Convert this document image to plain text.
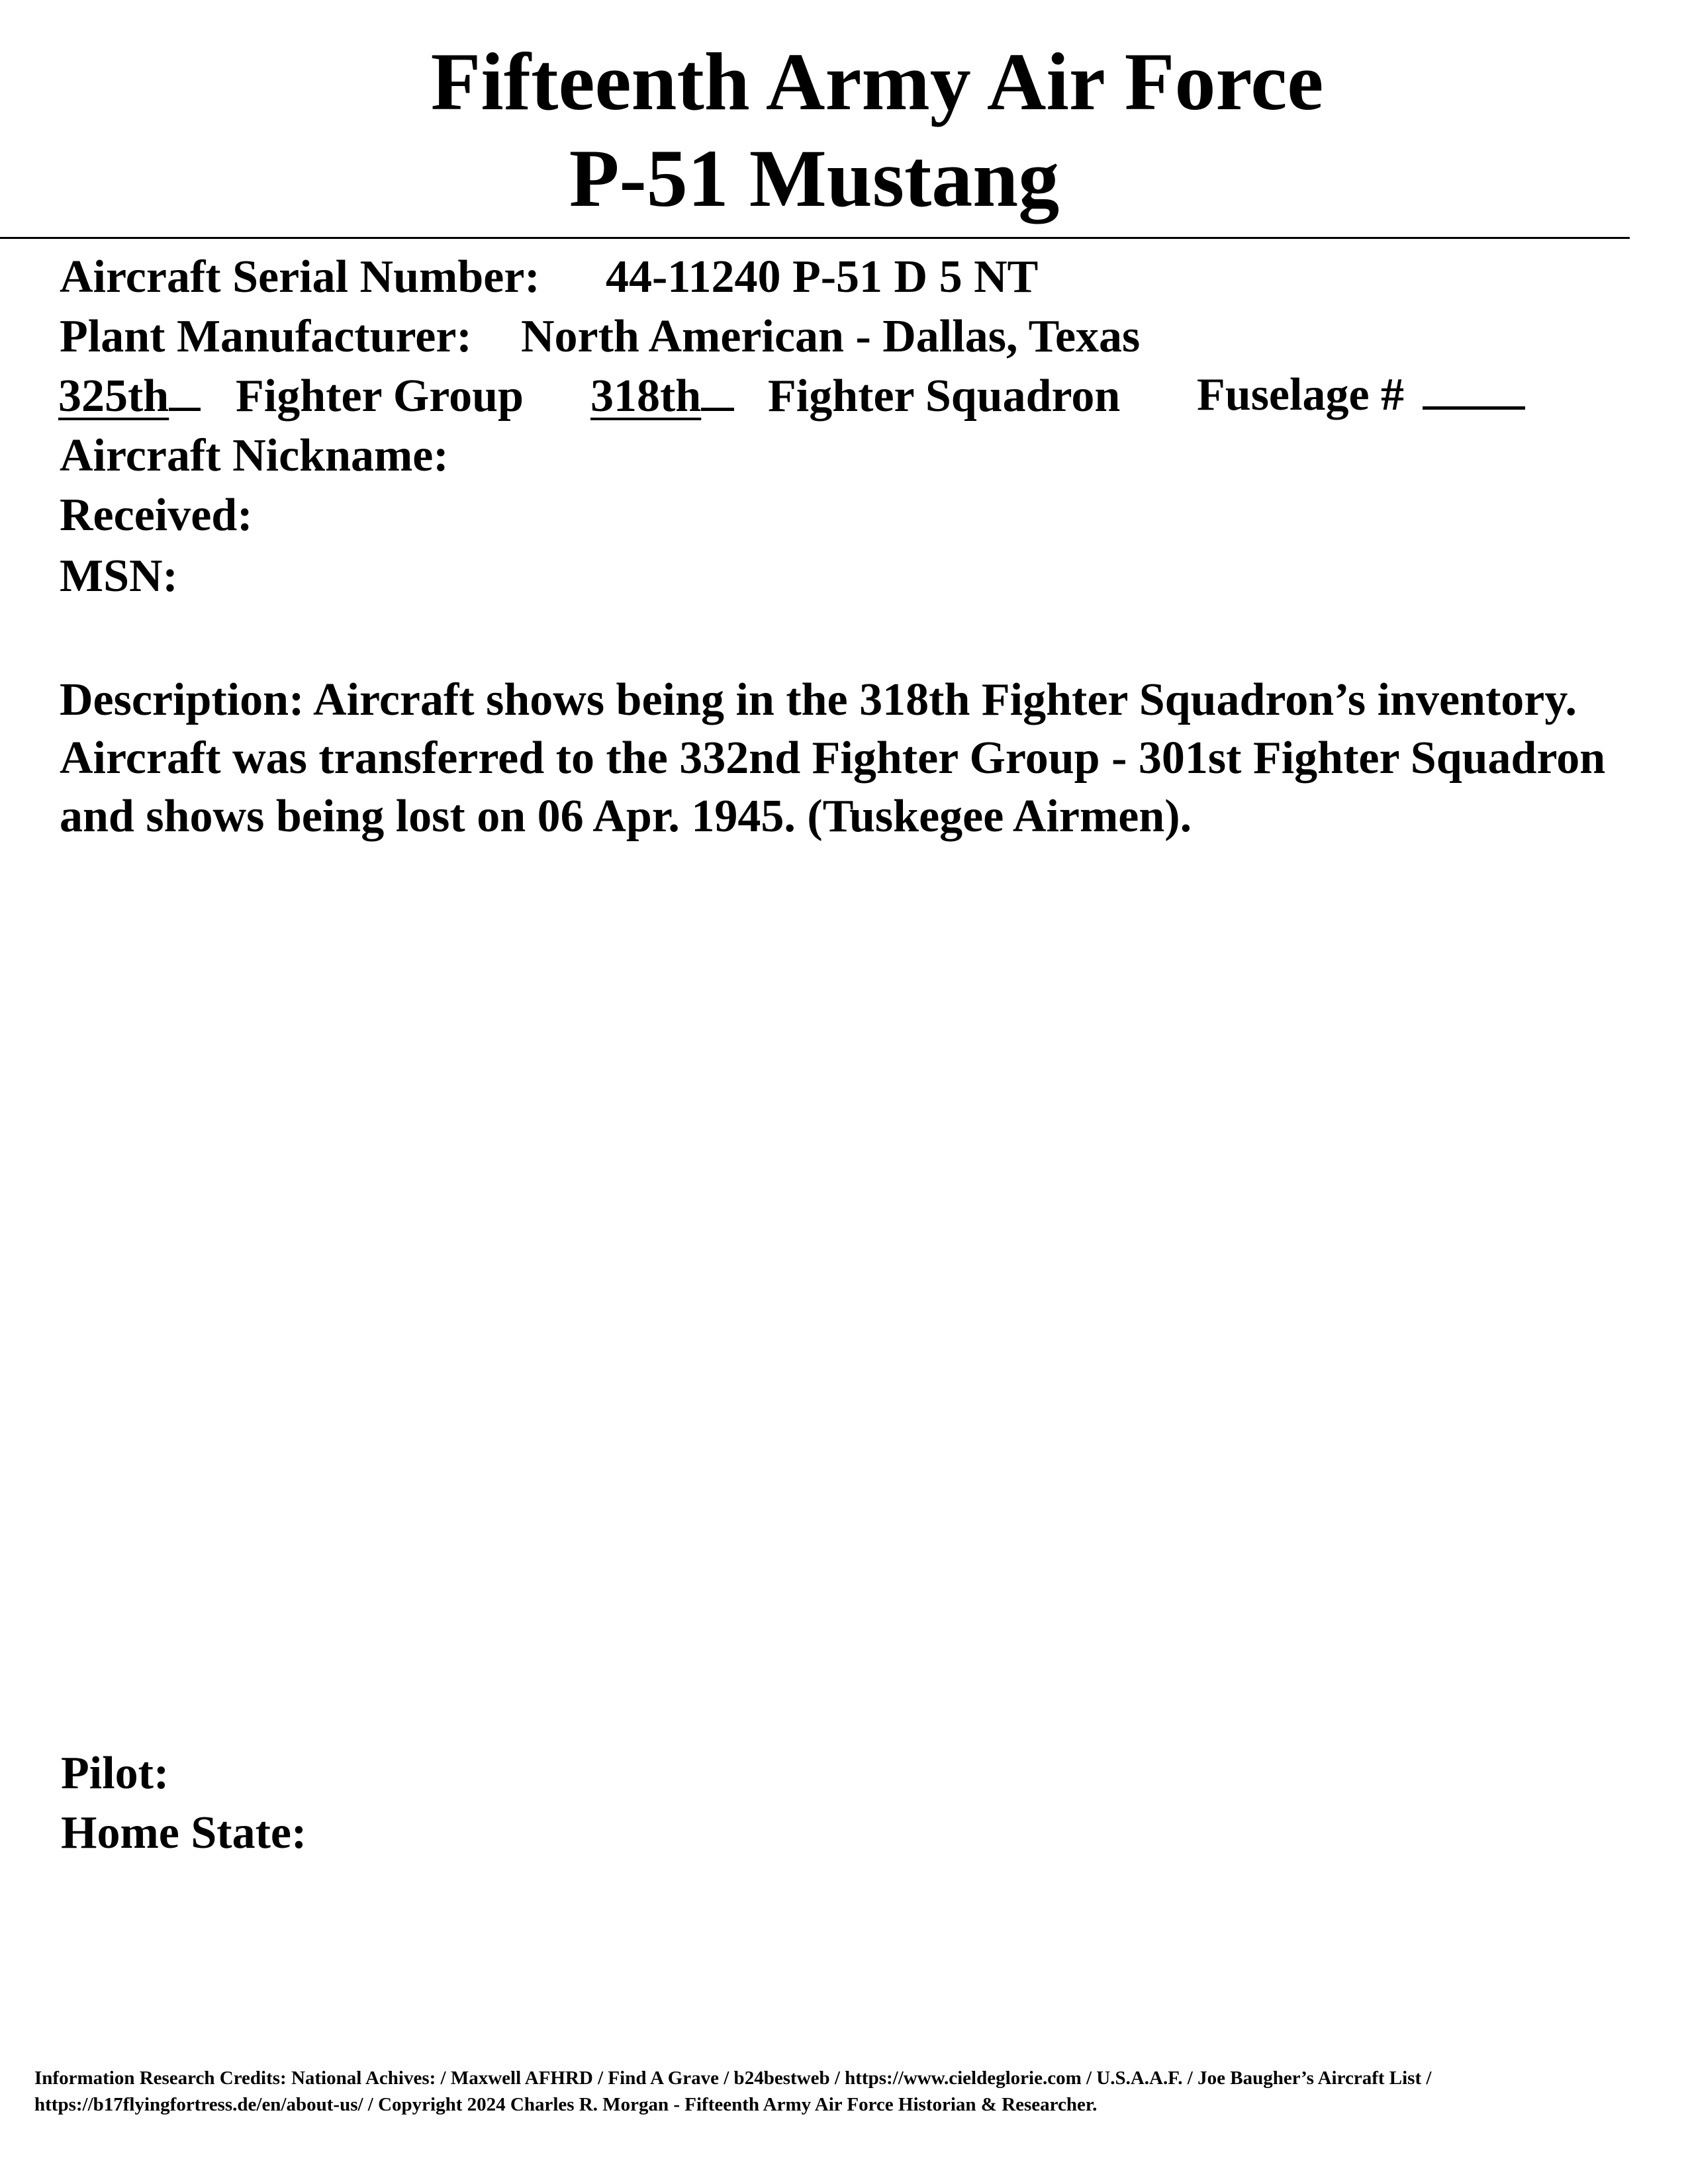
Fifteenth Army Air Force
P-51 Mustang
Aircraft Serial Number: 44-11240 P-51 D 5 NT
Plant Manufacturer: North American - Dallas, Texas
325th	Fighter Group 318th	Fighter Squadron Fuselage #
Aircraft Nickname:
Received:
MSN:
Description: Aircraft shows being in the 318th Fighter Squadron’s inventory. Aircraft was transferred to the 332nd Fighter Group - 301st Fighter Squadron and shows being lost on 06 Apr. 1945. (Tuskegee Airmen).
Pilot:
Home State:
Information Research Credits: National Achives: / Maxwell AFHRD / Find A Grave / b24bestweb / https://www.cieldeglorie.com / U.S.A.A.F. / Joe Baugher’s Aircraft List /
https://b17flyingfortress.de/en/about-us/ / Copyright 2024 Charles R. Morgan - Fifteenth Army Air Force Historian & Researcher.
